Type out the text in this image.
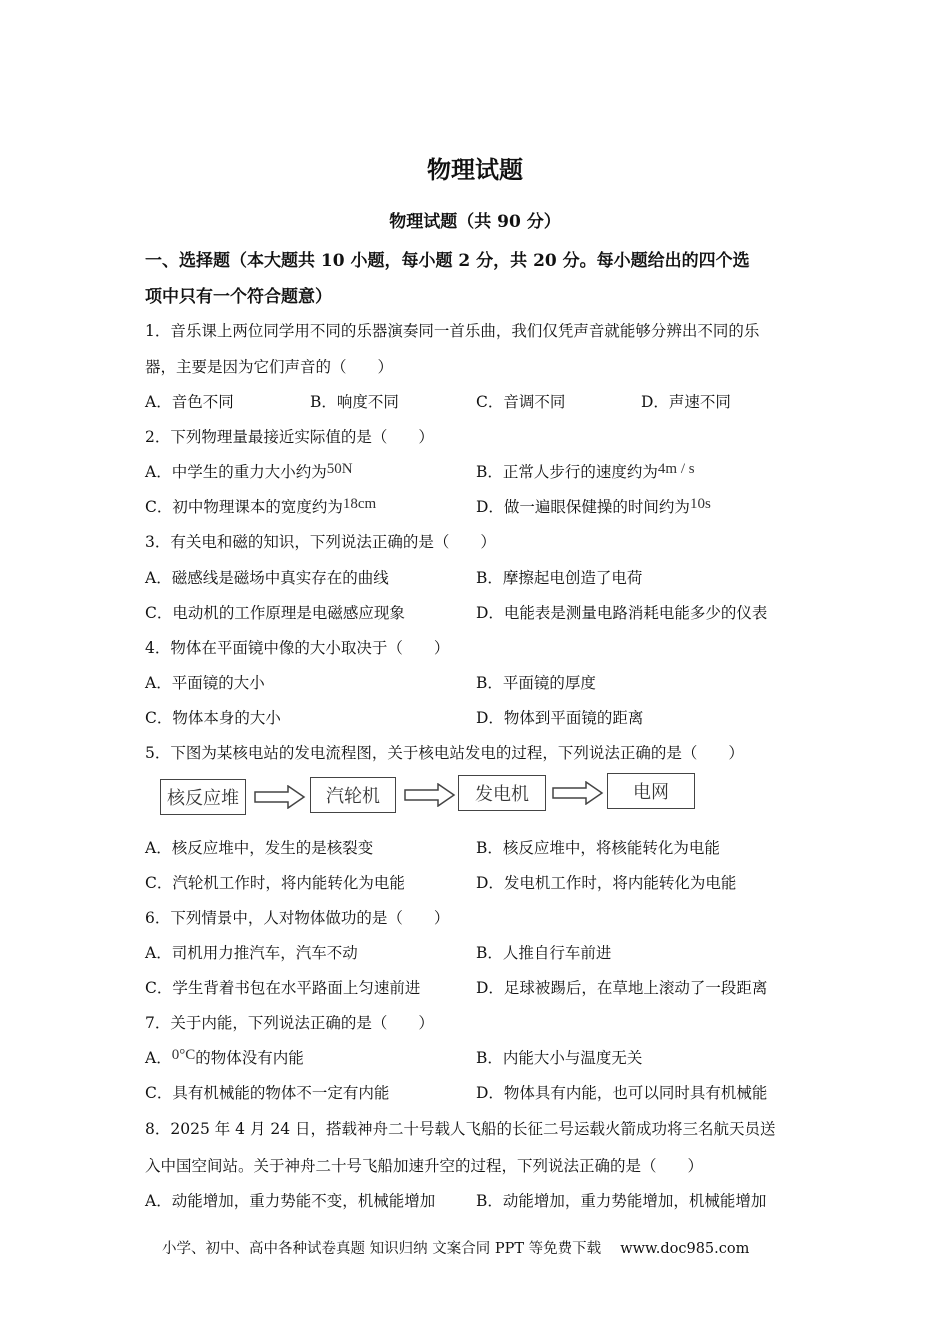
物理试题
物理试题（共 90 分）
一、选择题（本大题共 10 小题，每小题 2 分，共 20 分。每小题给出的四个选
项中只有一个符合题意）
1．音乐课上两位同学用不同的乐器演奏同一首乐曲，我们仅凭声音就能够分辨出不同的乐
器，主要是因为它们声音的（　　）
A．音色不同	B．响度不同	C．音调不同	D．声速不同
2．下列物理量最接近实际值的是（　　）
A．中学生的重力大小约为50N	B．正常人步行的速度约为4m / s
C．初中物理课本的宽度约为18cm	D．做一遍眼保健操的时间约为10s
3．有关电和磁的知识，下列说法正确的是（　　）
A．磁感线是磁场中真实存在的曲线	B．摩擦起电创造了电荷
C．电动机的工作原理是电磁感应现象	D．电能表是测量电路消耗电能多少的仪表
4．物体在平面镜中像的大小取决于（　　）
A．平面镜的大小	B．平面镜的厚度
C．物体本身的大小	D．物体到平面镜的距离
5．下图为某核电站的发电流程图，关于核电站发电的过程，下列说法正确的是（　　）
核反应堆	汽轮机	发电机	电网
A．核反应堆中，发生的是核裂变	B．核反应堆中，将核能转化为电能
C．汽轮机工作时，将内能转化为电能	D．发电机工作时，将内能转化为电能
6．下列情景中，人对物体做功的是（　　）
A．司机用力推汽车，汽车不动	B．人推自行车前进
C．学生背着书包在水平路面上匀速前进	D．足球被踢后，在草地上滚动了一段距离
7．关于内能，下列说法正确的是（　　）
A．0°C的物体没有内能	B．内能大小与温度无关
C．具有机械能的物体不一定有内能	D．物体具有内能，也可以同时具有机械能
8．2025 年 4 月 24 日，搭载神舟二十号载人飞船的长征二号运载火箭成功将三名航天员送
入中国空间站。关于神舟二十号飞船加速升空的过程，下列说法正确的是（　　）
A．动能增加，重力势能不变，机械能增加	B．动能增加，重力势能增加，机械能增加
小学、初中、高中各种试卷真题 知识归纳 文案合同 PPT 等免费下载　 www.doc985.com
